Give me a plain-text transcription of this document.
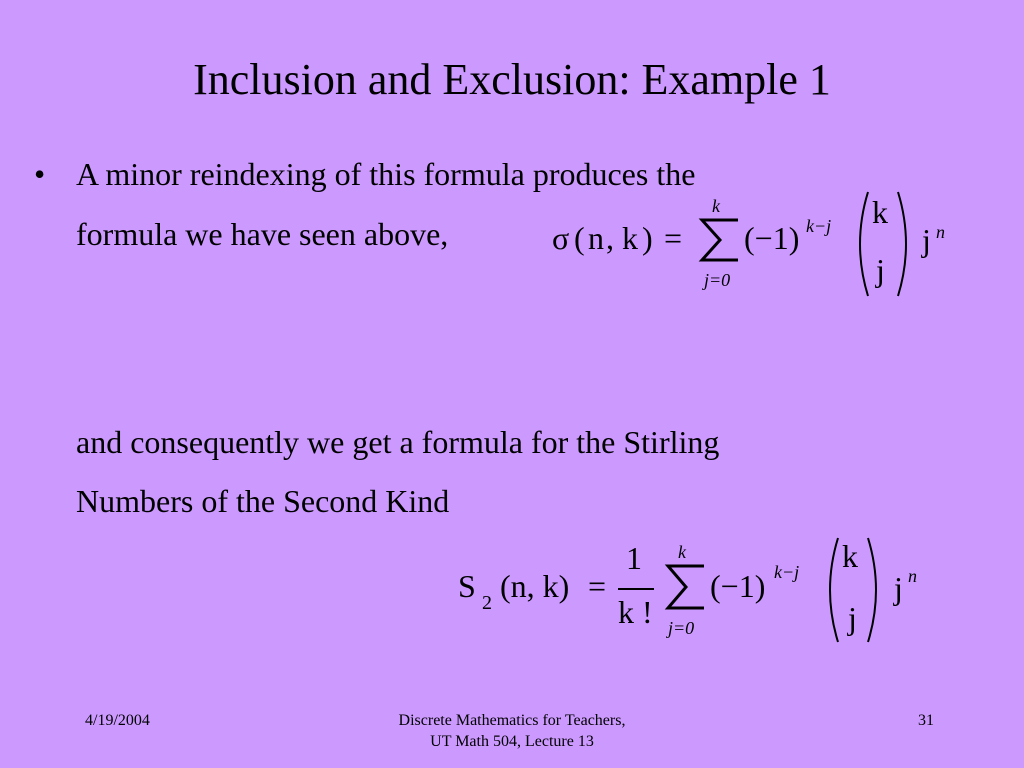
Inclusion and Exclusion: Example 1
• A minor reindexing of this formula produces the
formula we have seen above,	σ ( n , k ) =
k
j=0
(−1) k−j k
j
j n
and consequently we get a formula for the Stirling
Numbers of the Second Kind
S 2 (n, k) =
1
k !
k
j=0
(−1) k−j k
j
j n
4/19/2004	Discrete Mathematics for Teachers,
UT Math 504, Lecture 13
31
